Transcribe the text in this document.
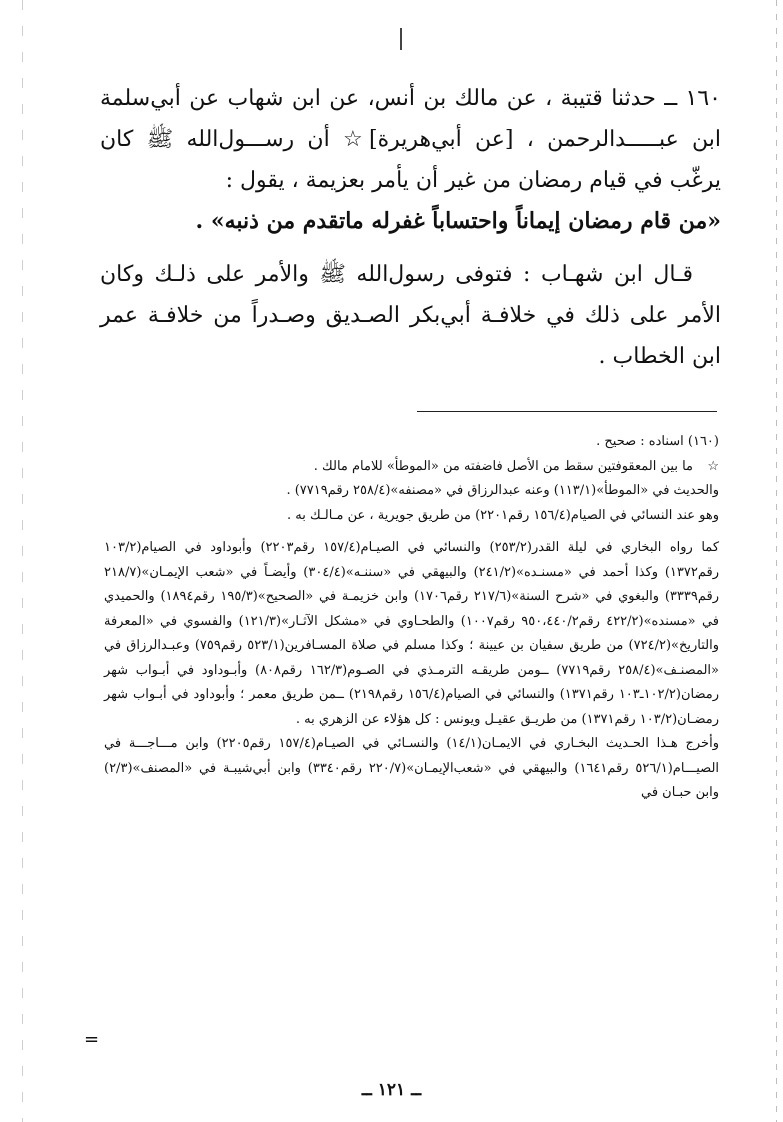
١٦٠ ــ حدثنا قتيبة ، عن مالك بن أنس، عن ابن شهاب عن أبي‌سلمة ابن عبـــــدالرحمن ، [عن أبي‌هريرة]☆ أن رســـول‌الله ﷺ كان يرغّب في قيام رمضان من غير أن يأمر بعزيمة ، يقول :

«من قام رمضان إيماناً واحتساباً غفرله ماتقدم من ذنبه» .

قـال ابن شهـاب : فتوفى رسول‌الله ﷺ والأمر على ذلـك وكان الأمر على ذلك في خلافـة أبي‌بكر الصـديق وصـدراً من خلافـة عمر ابن الخطاب .

(١٦٠) اسناده : صحيح .

☆
ما بين المعقوفتين سقط من الأصل فاضفته من «الموطأ» للامام مالك .

والحديث في «الموطأ»(١١٣/١) وعنه عبدالرزاق في «مصنفه»(٢٥٨/٤ رقم٧٧١٩) .

وهو عند النسائي في الصيام(١٥٦/٤ رقم٢٢٠١) من طريق جويرية ، عن مـالـك به .

كما رواه البخاري في ليلة القدر(٢٥٣/٢) والنسائي في الصيـام(١٥٧/٤ رقم٢٢٠٣) وأبوداود في الصيام(١٠٣/٢ رقم١٣٧٢) وكذا أحمد في «مسنـده»(٢٤١/٢) والبيهقي في «سننـه»(٣٠٤/٤) وأيضـاً في «شعب الإيمـان»(٢١٨/٧ رقم٣٣٣٩) والبغوي في «شرح السنة»(٢١٧/٦ رقم١٧٠٦) وابن خزيمـة في «الصحيح»(١٩٥/٣ رقم١٨٩٤) والحميدي في «مسنده»(٤٢٢/٢ رقم٩٥٠،٤٤٠/٢ رقم١٠٠٧) والطحـاوي في «مشكل الآثـار»(١٢١/٣) والفسوي في «المعرفة والتاريخ»(٧٢٤/٢) من طريق سفيان بن عيينة ؛ وكذا مسلم في صلاة المسـافرين(٥٢٣/١ رقم٧٥٩) وعبـدالرزاق في «المصنـف»(٢٥٨/٤ رقم٧٧١٩) ــومن طريقـه الترمـذي في الصـوم(١٦٢/٣ رقم٨٠٨) وأبـوداود في أبـواب شهر رمضان(١٠٢/٢ـ١٠٣ رقم١٣٧١) والنسائي في الصيام(١٥٦/٤ رقم٢١٩٨) ــمن طريق معمر ؛ وأبوداود في أبـواب شهر رمضـان(١٠٣/٢ رقم١٣٧١) من طريـق عقيـل ويونس : كل هؤلاء عن الزهري به .

وأخرج هـذا الحـديث البخـاري في الايمـان(١٤/١) والنسـائي في الصيـام(١٥٧/٤ رقم٢٢٠٥) وابن مـــاجـــة في الصيـــام(٥٢٦/١ رقم١٦٤١) والبيهقي في «شعب‌الإيمـان»(٢٢٠/٧ رقم٣٣٤٠) وابن أبي‌شيبـة في «المصنف»(٢/٣) وابن حبـان في

=
ــ ١٢١ ــ
